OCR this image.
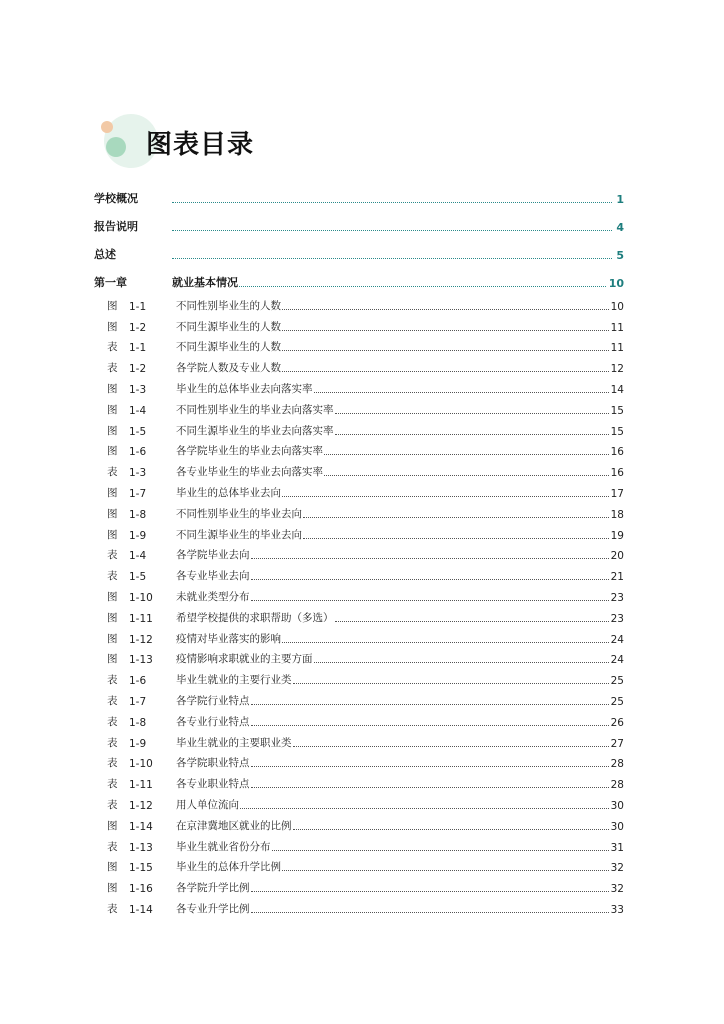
图表目录
学校概况	1
报告说明	4
总述	5
第一章	就业基本情况	10
图	1-1	不同性别毕业生的人数	10
图	1-2	不同生源毕业生的人数	11
表	1-1	不同生源毕业生的人数	11
表	1-2	各学院人数及专业人数	12
图	1-3	毕业生的总体毕业去向落实率	14
图	1-4	不同性别毕业生的毕业去向落实率	15
图	1-5	不同生源毕业生的毕业去向落实率	15
图	1-6	各学院毕业生的毕业去向落实率	16
表	1-3	各专业毕业生的毕业去向落实率	16
图	1-7	毕业生的总体毕业去向	17
图	1-8	不同性别毕业生的毕业去向	18
图	1-9	不同生源毕业生的毕业去向	19
表	1-4	各学院毕业去向	20
表	1-5	各专业毕业去向	21
图	1-10	未就业类型分布	23
图	1-11	希望学校提供的求职帮助（多选）	23
图	1-12	疫情对毕业落实的影响	24
图	1-13	疫情影响求职就业的主要方面	24
表	1-6	毕业生就业的主要行业类	25
表	1-7	各学院行业特点	25
表	1-8	各专业行业特点	26
表	1-9	毕业生就业的主要职业类	27
表	1-10	各学院职业特点	28
表	1-11	各专业职业特点	28
表	1-12	用人单位流向	30
图	1-14	在京津冀地区就业的比例	30
表	1-13	毕业生就业省份分布	31
图	1-15	毕业生的总体升学比例	32
图	1-16	各学院升学比例	32
表	1-14	各专业升学比例	33
